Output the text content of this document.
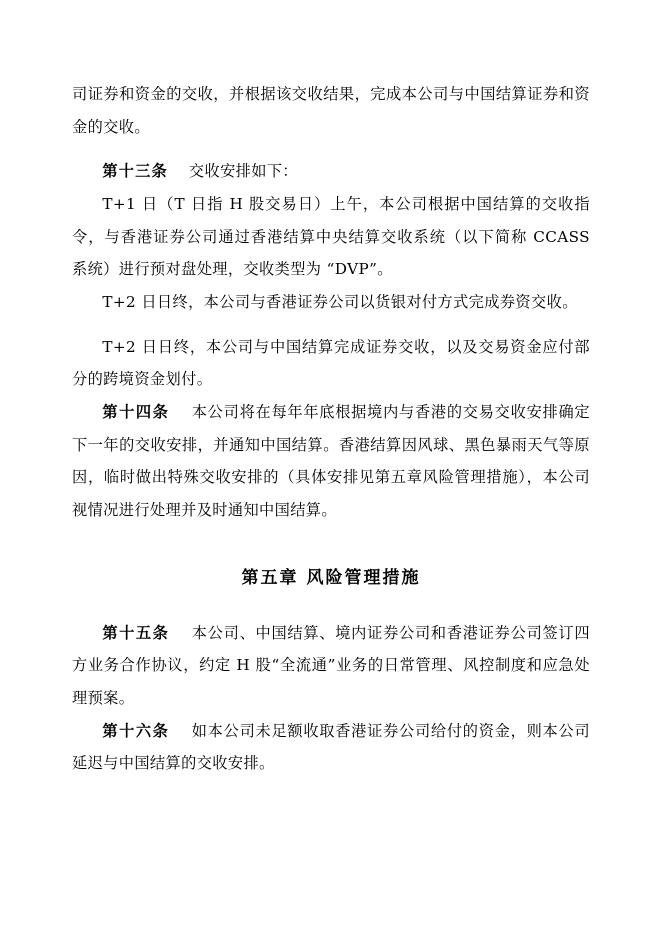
司证券和资金的交收，并根据该交收结果，完成本公司与中国结算证券和资金的交收。

第十三条 交收安排如下：

T+1 日（T 日指 H 股交易日）上午，本公司根据中国结算的交收指令，与香港证券公司通过香港结算中央结算交收系统（以下简称 CCASS 系统）进行预对盘处理，交收类型为 “DVP”。

T+2 日日终，本公司与香港证券公司以货银对付方式完成券资交收。

T+2 日日终，本公司与中国结算完成证券交收，以及交易资金应付部分的跨境资金划付。

第十四条 本公司将在每年年底根据境内与香港的交易交收安排确定下一年的交收安排，并通知中国结算。香港结算因风球、黑色暴雨天气等原因，临时做出特殊交收安排的（具体安排见第五章风险管理措施），本公司视情况进行处理并及时通知中国结算。

第五章 风险管理措施

第十五条 本公司、中国结算、境内证券公司和香港证券公司签订四方业务合作协议，约定 H 股“全流通”业务的日常管理、风控制度和应急处理预案。

第十六条 如本公司未足额收取香港证券公司给付的资金，则本公司延迟与中国结算的交收安排。
